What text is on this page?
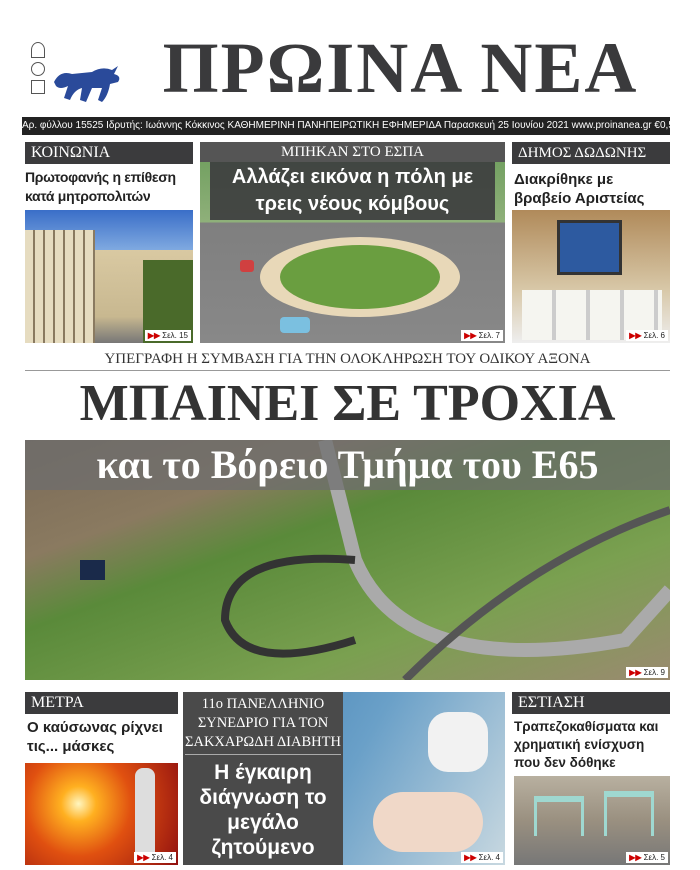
ΠΡΩΙΝΑ ΝΕΑ
Αρ. φύλλου 15525 Ιδρυτής: Ιωάννης Κόκκινος ΚΑΘΗΜΕΡΙΝΗ ΠΑΝΗΠΕΙΡΩΤΙΚΗ ΕΦΗΜΕΡΙΔΑ Παρασκευή 25 Ιουνίου 2021 www.proinanea.gr €0,50
ΚΟΙΝΩΝΙΑ
Πρωτοφανής η επίθεση κατά μητροπολιτών
▶▶ Σελ. 15	▶▶ Σελ. 7
ΜΠΗΚΑΝ ΣΤΟ ΕΣΠΑ
Αλλάζει εικόνα η πόλη με τρεις νέους κόμβους
ΔΗΜΟΣ ΔΩΔΩΝΗΣ
Διακρίθηκε με βραβείο Αριστείας
▶▶ Σελ. 6
ΥΠΕΓΡΑΦΗ Η ΣΥΜΒΑΣΗ ΓΙΑ ΤΗΝ ΟΛΟΚΛΗΡΩΣΗ ΤΟΥ ΟΔΙΚΟΥ ΑΞΟΝΑ
ΜΠΑΙΝΕΙ ΣΕ ΤΡΟΧΙΑ
▶▶ Σελ. 9
και το Βόρειο Τμήμα του Ε65
ΜΕΤΡΑ
Ο καύσωνας ρίχνει τις... μάσκες
▶▶ Σελ. 4	▶▶ Σελ. 4
11ο ΠΑΝΕΛΛΗΝΙΟ ΣΥΝΕΔΡΙΟ ΓΙΑ ΤΟΝ ΣΑΚΧΑΡΩΔΗ ΔΙΑΒΗΤΗ
Η έγκαιρη διάγνωση το μεγάλο ζητούμενο
ΕΣΤΙΑΣΗ
Τραπεζοκαθίσματα και χρηματική ενίσχυση που δεν δόθηκε
▶▶ Σελ. 5
